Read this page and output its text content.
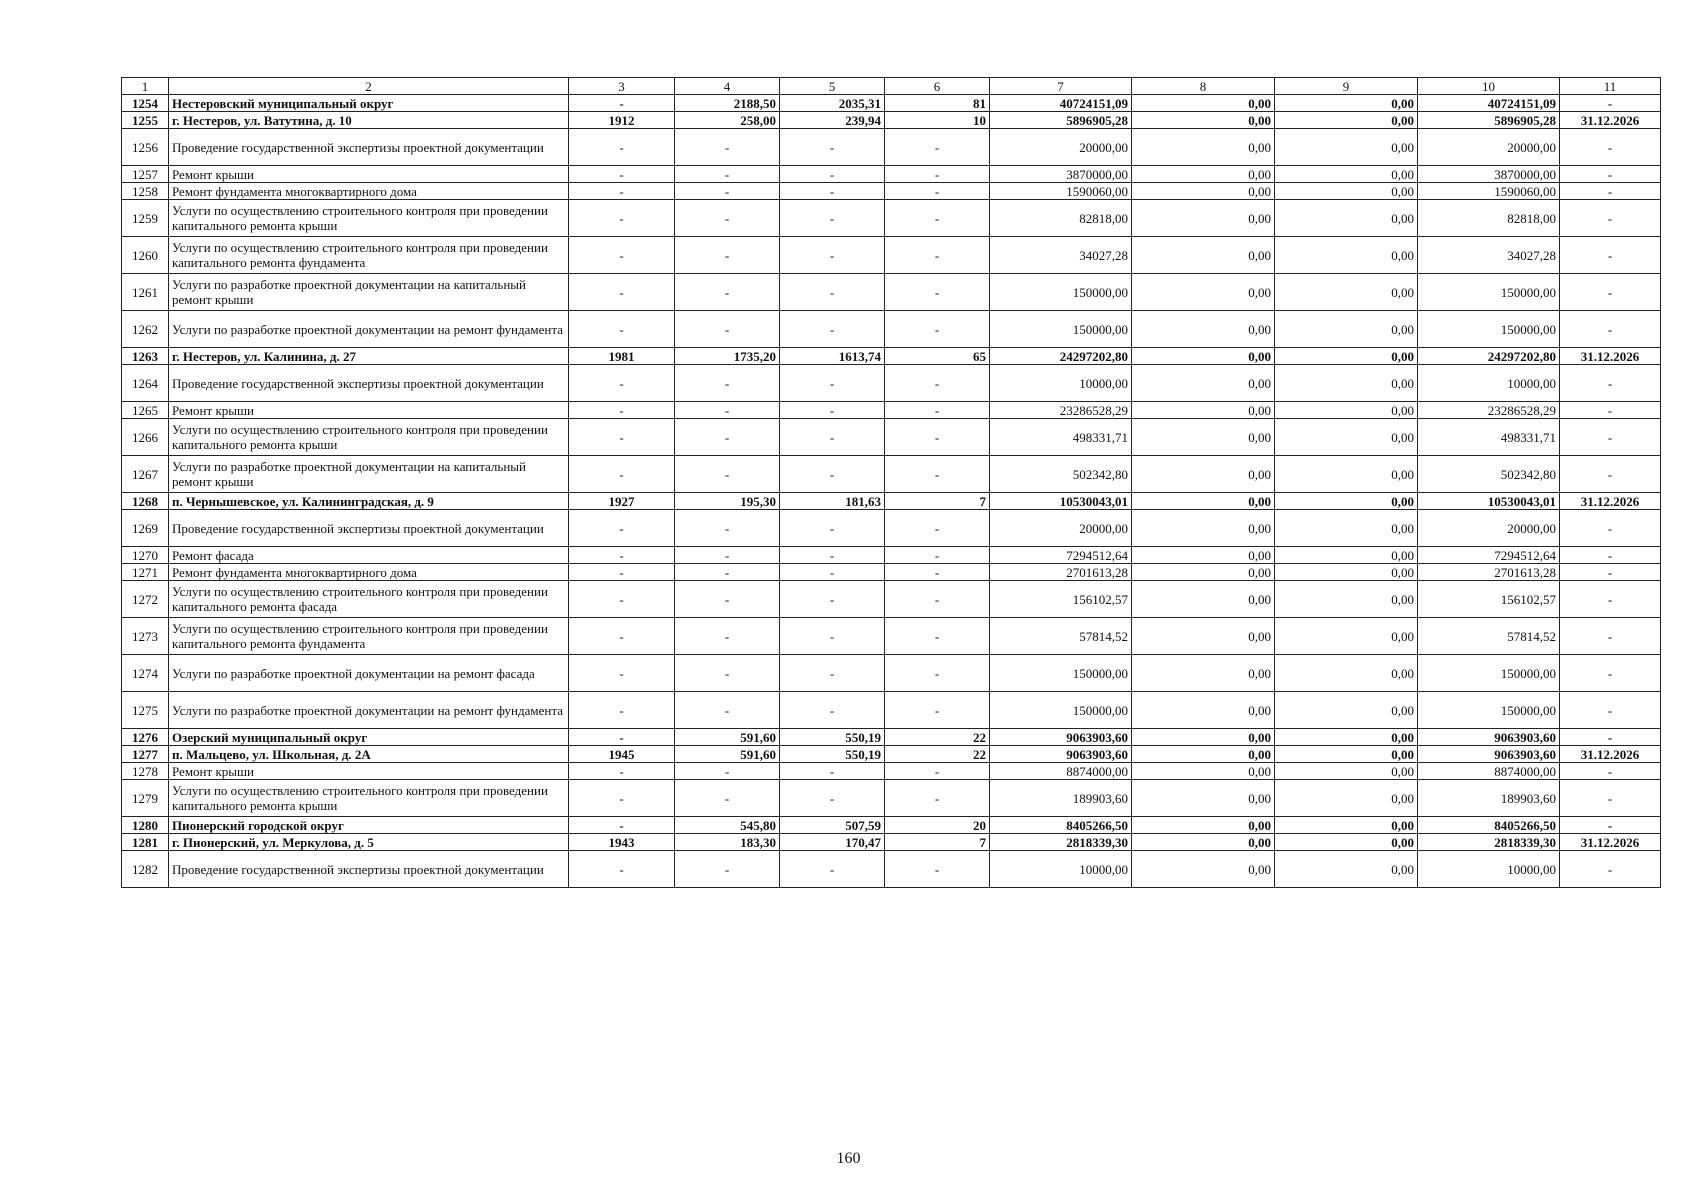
1	2	3	4	5	6	7	8	9	10	11
1254	Нестеровский муниципальный округ	-	2188,50	2035,31	81	40724151,09	0,00	0,00	40724151,09	-
1255	г. Нестеров, ул. Ватутина, д. 10	1912	258,00	239,94	10	5896905,28	0,00	0,00	5896905,28	31.12.2026
1256	Проведение государственной экспертизы проектной документации	-	-	-	-	20000,00	0,00	0,00	20000,00	-
1257	Ремонт крыши	-	-	-	-	3870000,00	0,00	0,00	3870000,00	-
1258	Ремонт фундамента многоквартирного дома	-	-	-	-	1590060,00	0,00	0,00	1590060,00	-
1259	Услуги по осуществлению строительного контроля при проведении капитального ремонта крыши	-	-	-	-	82818,00	0,00	0,00	82818,00	-
1260	Услуги по осуществлению строительного контроля при проведении капитального ремонта фундамента	-	-	-	-	34027,28	0,00	0,00	34027,28	-
1261	Услуги по разработке проектной документации на капитальный ремонт крыши	-	-	-	-	150000,00	0,00	0,00	150000,00	-
1262	Услуги по разработке проектной документации на ремонт фундамента	-	-	-	-	150000,00	0,00	0,00	150000,00	-
1263	г. Нестеров, ул. Калинина, д. 27	1981	1735,20	1613,74	65	24297202,80	0,00	0,00	24297202,80	31.12.2026
1264	Проведение государственной экспертизы проектной документации	-	-	-	-	10000,00	0,00	0,00	10000,00	-
1265	Ремонт крыши	-	-	-	-	23286528,29	0,00	0,00	23286528,29	-
1266	Услуги по осуществлению строительного контроля при проведении капитального ремонта крыши	-	-	-	-	498331,71	0,00	0,00	498331,71	-
1267	Услуги по разработке проектной документации на капитальный ремонт крыши	-	-	-	-	502342,80	0,00	0,00	502342,80	-
1268	п. Чернышевское, ул. Калининградская, д. 9	1927	195,30	181,63	7	10530043,01	0,00	0,00	10530043,01	31.12.2026
1269	Проведение государственной экспертизы проектной документации	-	-	-	-	20000,00	0,00	0,00	20000,00	-
1270	Ремонт фасада	-	-	-	-	7294512,64	0,00	0,00	7294512,64	-
1271	Ремонт фундамента многоквартирного дома	-	-	-	-	2701613,28	0,00	0,00	2701613,28	-
1272	Услуги по осуществлению строительного контроля при проведении капитального ремонта фасада	-	-	-	-	156102,57	0,00	0,00	156102,57	-
1273	Услуги по осуществлению строительного контроля при проведении капитального ремонта фундамента	-	-	-	-	57814,52	0,00	0,00	57814,52	-
1274	Услуги по разработке проектной документации на ремонт фасада	-	-	-	-	150000,00	0,00	0,00	150000,00	-
1275	Услуги по разработке проектной документации на ремонт фундамента	-	-	-	-	150000,00	0,00	0,00	150000,00	-
1276	Озерский муниципальный округ	-	591,60	550,19	22	9063903,60	0,00	0,00	9063903,60	-
1277	п. Мальцево, ул. Школьная, д. 2А	1945	591,60	550,19	22	9063903,60	0,00	0,00	9063903,60	31.12.2026
1278	Ремонт крыши	-	-	-	-	8874000,00	0,00	0,00	8874000,00	-
1279	Услуги по осуществлению строительного контроля при проведении капитального ремонта крыши	-	-	-	-	189903,60	0,00	0,00	189903,60	-
1280	Пионерский городской округ	-	545,80	507,59	20	8405266,50	0,00	0,00	8405266,50	-
1281	г. Пионерский, ул. Меркулова, д. 5	1943	183,30	170,47	7	2818339,30	0,00	0,00	2818339,30	31.12.2026
1282	Проведение государственной экспертизы проектной документации	-	-	-	-	10000,00	0,00	0,00	10000,00	-
160
